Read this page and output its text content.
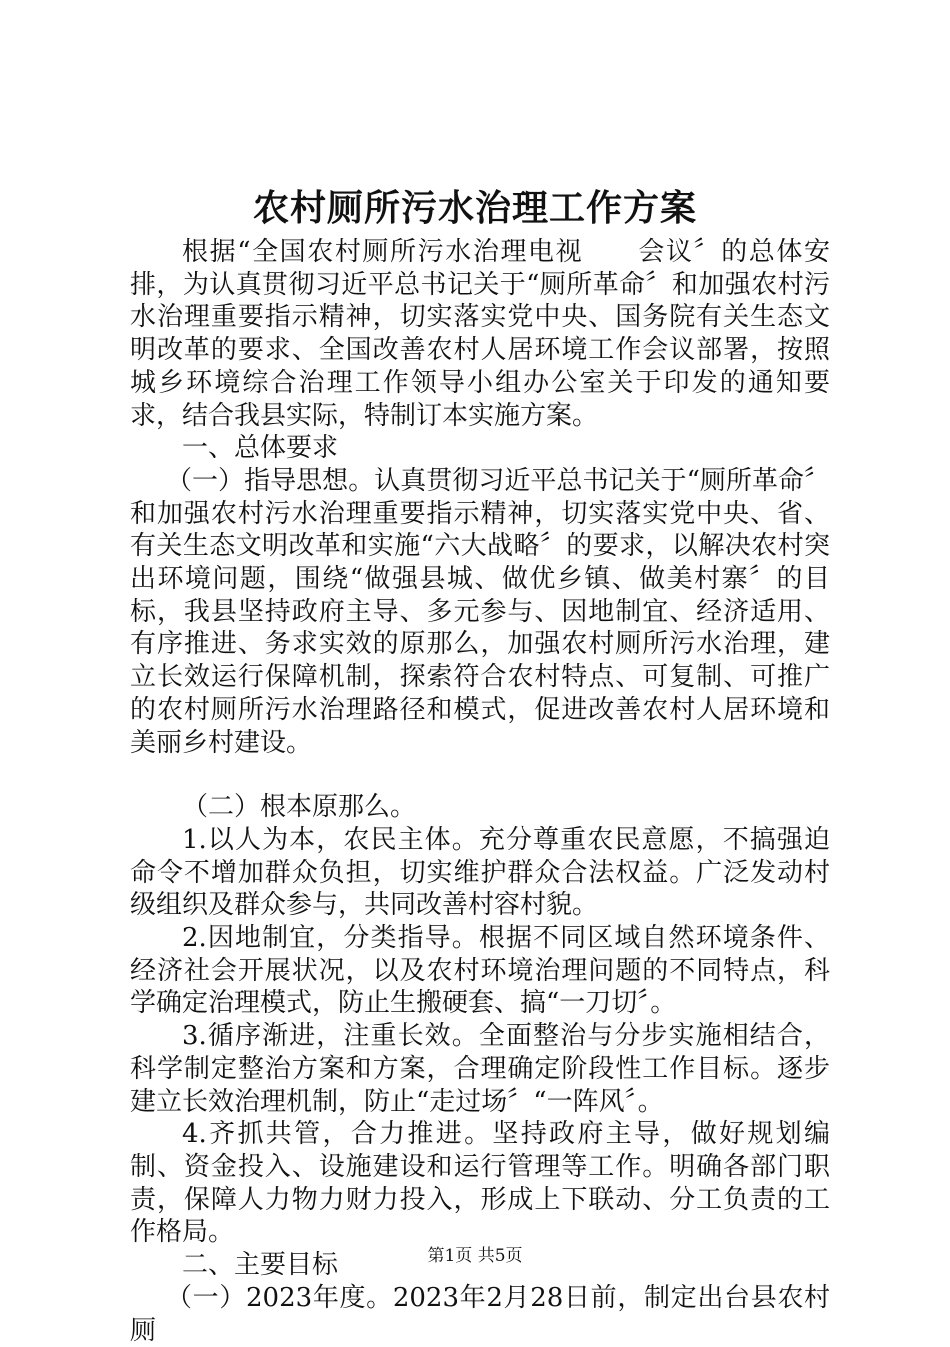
农村厕所污水治理工作方案

根据“全国农村厕所污水治理电视　　会议〞的总体安排，为认真贯彻习近平总书记关于“厕所革命〞和加强农村污水治理重要指示精神，切实落实党中央、国务院有关生态文明改革的要求、全国改善农村人居环境工作会议部署，按照城乡环境综合治理工作领导小组办公室关于印发的通知要求，结合我县实际，特制订本实施方案。

一、总体要求

（一）指导思想。认真贯彻习近平总书记关于“厕所革命〞和加强农村污水治理重要指示精神，切实落实党中央、省、有关生态文明改革和实施“六大战略〞的要求，以解决农村突出环境问题，围绕“做强县城、做优乡镇、做美村寨〞的目标，我县坚持政府主导、多元参与、因地制宜、经济适用、有序推进、务求实效的原那么，加强农村厕所污水治理，建立长效运行保障机制，探索符合农村特点、可复制、可推广的农村厕所污水治理路径和模式，促进改善农村人居环境和美丽乡村建设。

（二）根本原那么。

1.以人为本，农民主体。充分尊重农民意愿，不搞强迫命令不增加群众负担，切实维护群众合法权益。广泛发动村级组织及群众参与，共同改善村容村貌。

2.因地制宜，分类指导。根据不同区域自然环境条件、经济社会开展状况，以及农村环境治理问题的不同特点，科学确定治理模式，防止生搬硬套、搞“一刀切〞。

3.循序渐进，注重长效。全面整治与分步实施相结合，科学制定整治方案和方案，合理确定阶段性工作目标。逐步建立长效治理机制，防止“走过场〞“一阵风〞。

4.齐抓共管，合力推进。坚持政府主导，做好规划编制、资金投入、设施建设和运行管理等工作。明确各部门职责，保障人力物力财力投入，形成上下联动、分工负责的工作格局。

二、主要目标

（一）2023年度。2023年2月28日前，制定出台县农村厕

第1页 共5页
